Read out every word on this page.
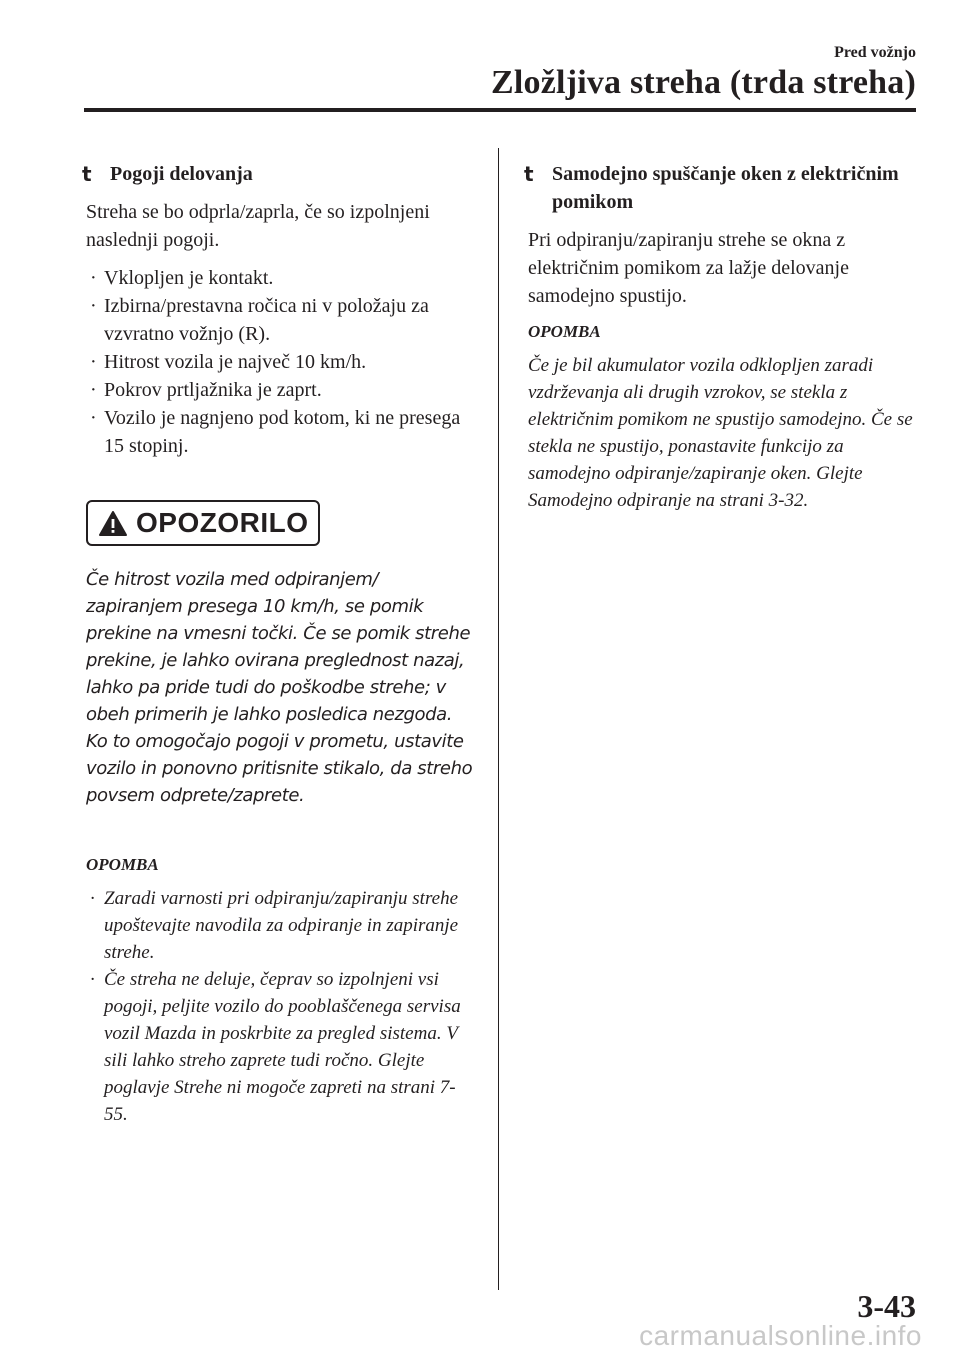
Pred vožnjo
Zložljiva streha (trda streha)
t Pogoji delovanja

Streha se bo odprla/zaprla, če so izpolnjeni naslednji pogoji.

· Vklopljen je kontakt.
· Izbirna/prestavna ročica ni v položaju za vzvratno vožnjo (R).
· Hitrost vozila je največ 10 km/h.
· Pokrov prtljažnika je zaprt.
· Vozilo je nagnjeno pod kotom, ki ne presega 15 stopinj.
OPOZORILO

Če hitrost vozila med odpiranjem/ zapiranjem presega 10 km/h, se pomik prekine na vmesni točki. Če se pomik strehe prekine, je lahko ovirana preglednost nazaj, lahko pa pride tudi do poškodbe strehe; v obeh primerih je lahko posledica nezgoda. Ko to omogočajo pogoji v prometu, ustavite vozilo in ponovno pritisnite stikalo, da streho povsem odprete/zaprete.

OPOMBA
· Zaradi varnosti pri odpiranju/zapiranju strehe upoštevajte navodila za odpiranje in zapiranje strehe.
· Če streha ne deluje, čeprav so izpolnjeni vsi pogoji, peljite vozilo do pooblaščenega servisa vozil Mazda in poskrbite za pregled sistema. V sili lahko streho zaprete tudi ročno. Glejte poglavje Strehe ni mogoče zapreti na strani 7-55.
t Samodejno spuščanje oken z električnim pomikom

Pri odpiranju/zapiranju strehe se okna z električnim pomikom za lažje delovanje samodejno spustijo.

OPOMBA

Če je bil akumulator vozila odklopljen zaradi vzdrževanja ali drugih vzrokov, se stekla z električnim pomikom ne spustijo samodejno. Če se stekla ne spustijo, ponastavite funkcijo za samodejno odpiranje/zapiranje oken. Glejte Samodejno odpiranje na strani 3-32.

3-43
carmanualsonline.info
